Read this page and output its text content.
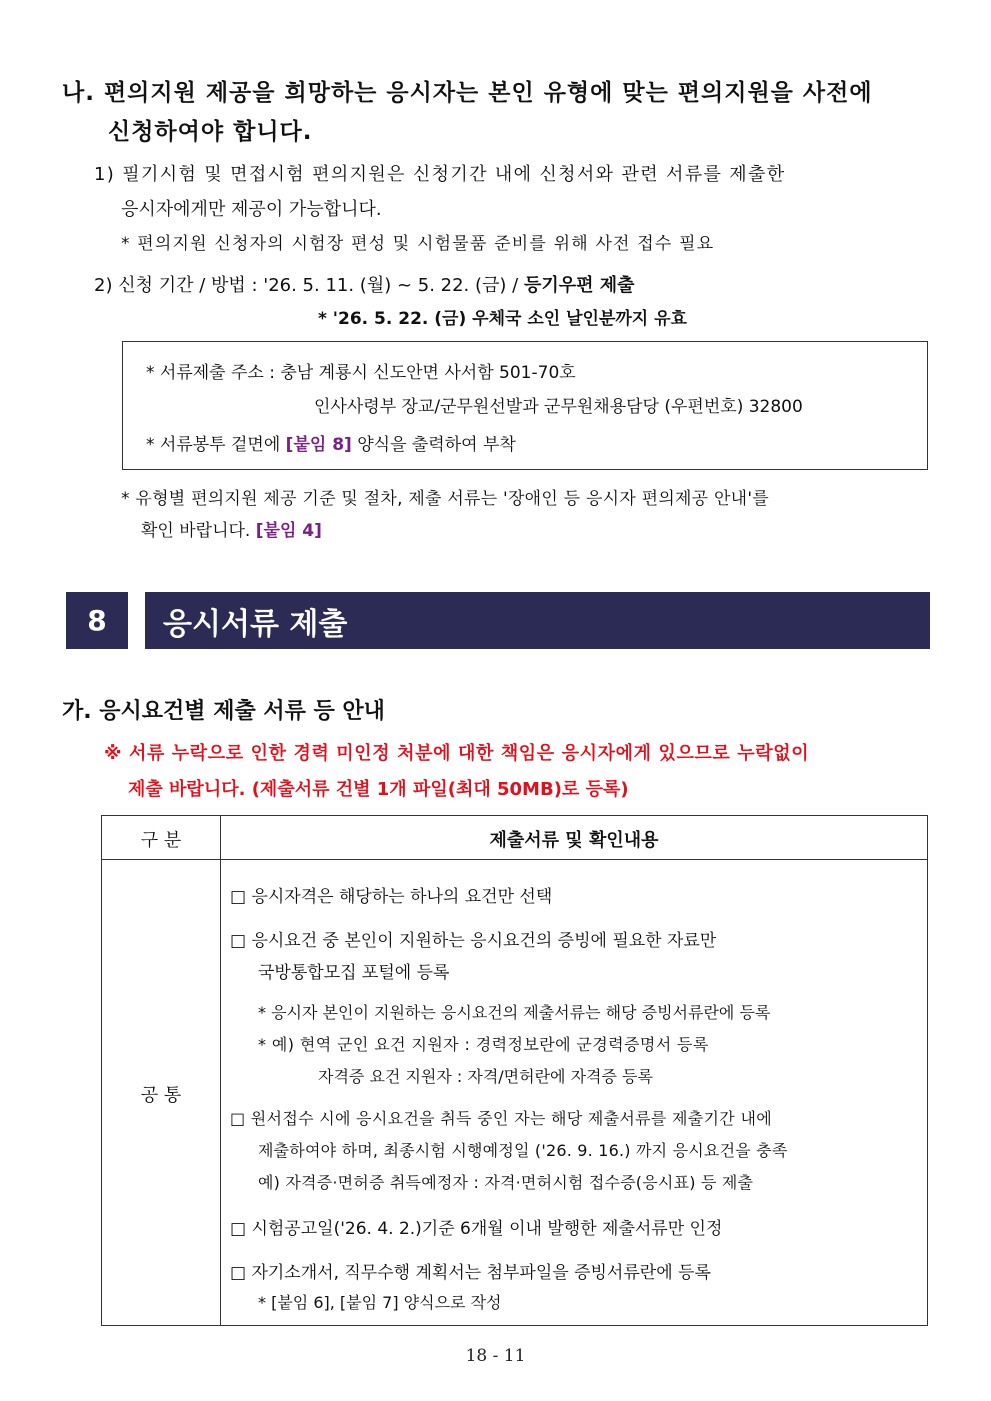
나. 편의지원 제공을 희망하는 응시자는 본인 유형에 맞는 편의지원을 사전에
신청하여야 합니다.
1) 필기시험 및 면접시험 편의지원은 신청기간 내에 신청서와 관련 서류를 제출한
응시자에게만 제공이 가능합니다.
* 편의지원 신청자의 시험장 편성 및 시험물품 준비를 위해 사전 접수 필요
2) 신청 기간 / 방법 : '26. 5. 11. (월) ~ 5. 22. (금) / 등기우편 제출
* '26. 5. 22. (금) 우체국 소인 날인분까지 유효
* 서류제출 주소 : 충남 계룡시 신도안면 사서함 501-70호
인사사령부 장교/군무원선발과 군무원채용담당 (우편번호) 32800
* 서류봉투 겉면에 [붙임 8] 양식을 출력하여 부착
* 유형별 편의지원 제공 기준 및 절차, 제출 서류는 '장애인 등 응시자 편의제공 안내'를
확인 바랍니다. [붙임 4]
8	응시서류 제출
가. 응시요건별 제출 서류 등 안내
※ 서류 누락으로 인한 경력 미인정 처분에 대한 책임은 응시자에게 있으므로 누락없이
제출 바랍니다. (제출서류 건별 1개 파일(최대 50MB)로 등록)
구 분	제출서류 및 확인내용
공 통
□ 응시자격은 해당하는 하나의 요건만 선택
□ 응시요건 중 본인이 지원하는 응시요건의 증빙에 필요한 자료만
국방통합모집 포털에 등록
* 응시자 본인이 지원하는 응시요건의 제출서류는 해당 증빙서류란에 등록
* 예) 현역 군인 요건 지원자 : 경력정보란에 군경력증명서 등록
자격증 요건 지원자 : 자격/면허란에 자격증 등록
□ 원서접수 시에 응시요건을 취득 중인 자는 해당 제출서류를 제출기간 내에
제출하여야 하며, 최종시험 시행예정일 ('26. 9. 16.) 까지 응시요건을 충족
예) 자격증·면허증 취득예정자 : 자격·면허시험 접수증(응시표) 등 제출
□ 시험공고일('26. 4. 2.)기준 6개월 이내 발행한 제출서류만 인정
□ 자기소개서, 직무수행 계획서는 첨부파일을 증빙서류란에 등록
* [붙임 6], [붙임 7] 양식으로 작성
18 - 11
